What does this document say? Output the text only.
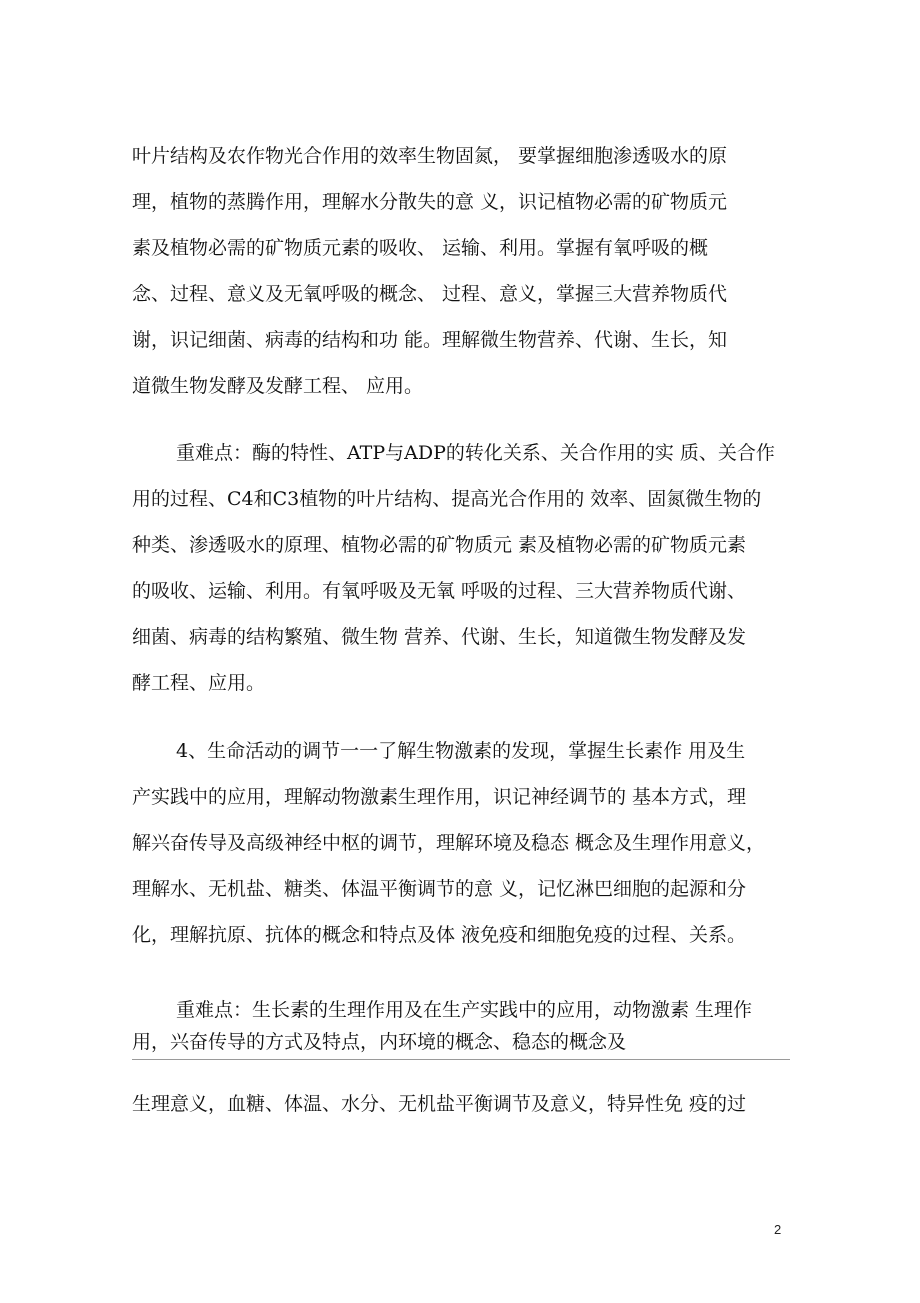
叶片结构及农作物光合作用的效率生物固氮， 要掌握细胞渗透吸水的原
理，植物的蒸腾作用，理解水分散失的意 义，识记植物必需的矿物质元
素及植物必需的矿物质元素的吸收、 运输、利用。掌握有氧呼吸的概
念、过程、意义及无氧呼吸的概念、 过程、意义，掌握三大营养物质代
谢，识记细菌、病毒的结构和功 能。理解微生物营养、代谢、生长，知
道微生物发酵及发酵工程、 应用。
重难点：酶的特性、ATP与ADP的转化关系、关合作用的实 质、关合作
用的过程、C4和C3植物的叶片结构、提高光合作用的 效率、固氮微生物的
种类、渗透吸水的原理、植物必需的矿物质元 素及植物必需的矿物质元素
的吸收、运输、利用。有氧呼吸及无氧 呼吸的过程、三大营养物质代谢、
细菌、病毒的结构繁殖、微生物 营养、代谢、生长，知道微生物发酵及发
酵工程、应用。
4、生命活动的调节一一了解生物激素的发现，掌握生长素作 用及生
产实践中的应用，理解动物激素生理作用，识记神经调节的 基本方式，理
解兴奋传导及高级神经中枢的调节，理解环境及稳态 概念及生理作用意义，
理解水、无机盐、糖类、体温平衡调节的意 义，记忆淋巴细胞的起源和分
化，理解抗原、抗体的概念和特点及体 液免疫和细胞免疫的过程、关系。
重难点：生长素的生理作用及在生产实践中的应用，动物激素 生理作
用，兴奋传导的方式及特点，内环境的概念、稳态的概念及
生理意义，血糖、体温、水分、无机盐平衡调节及意义，特异性免 疫的过
2
